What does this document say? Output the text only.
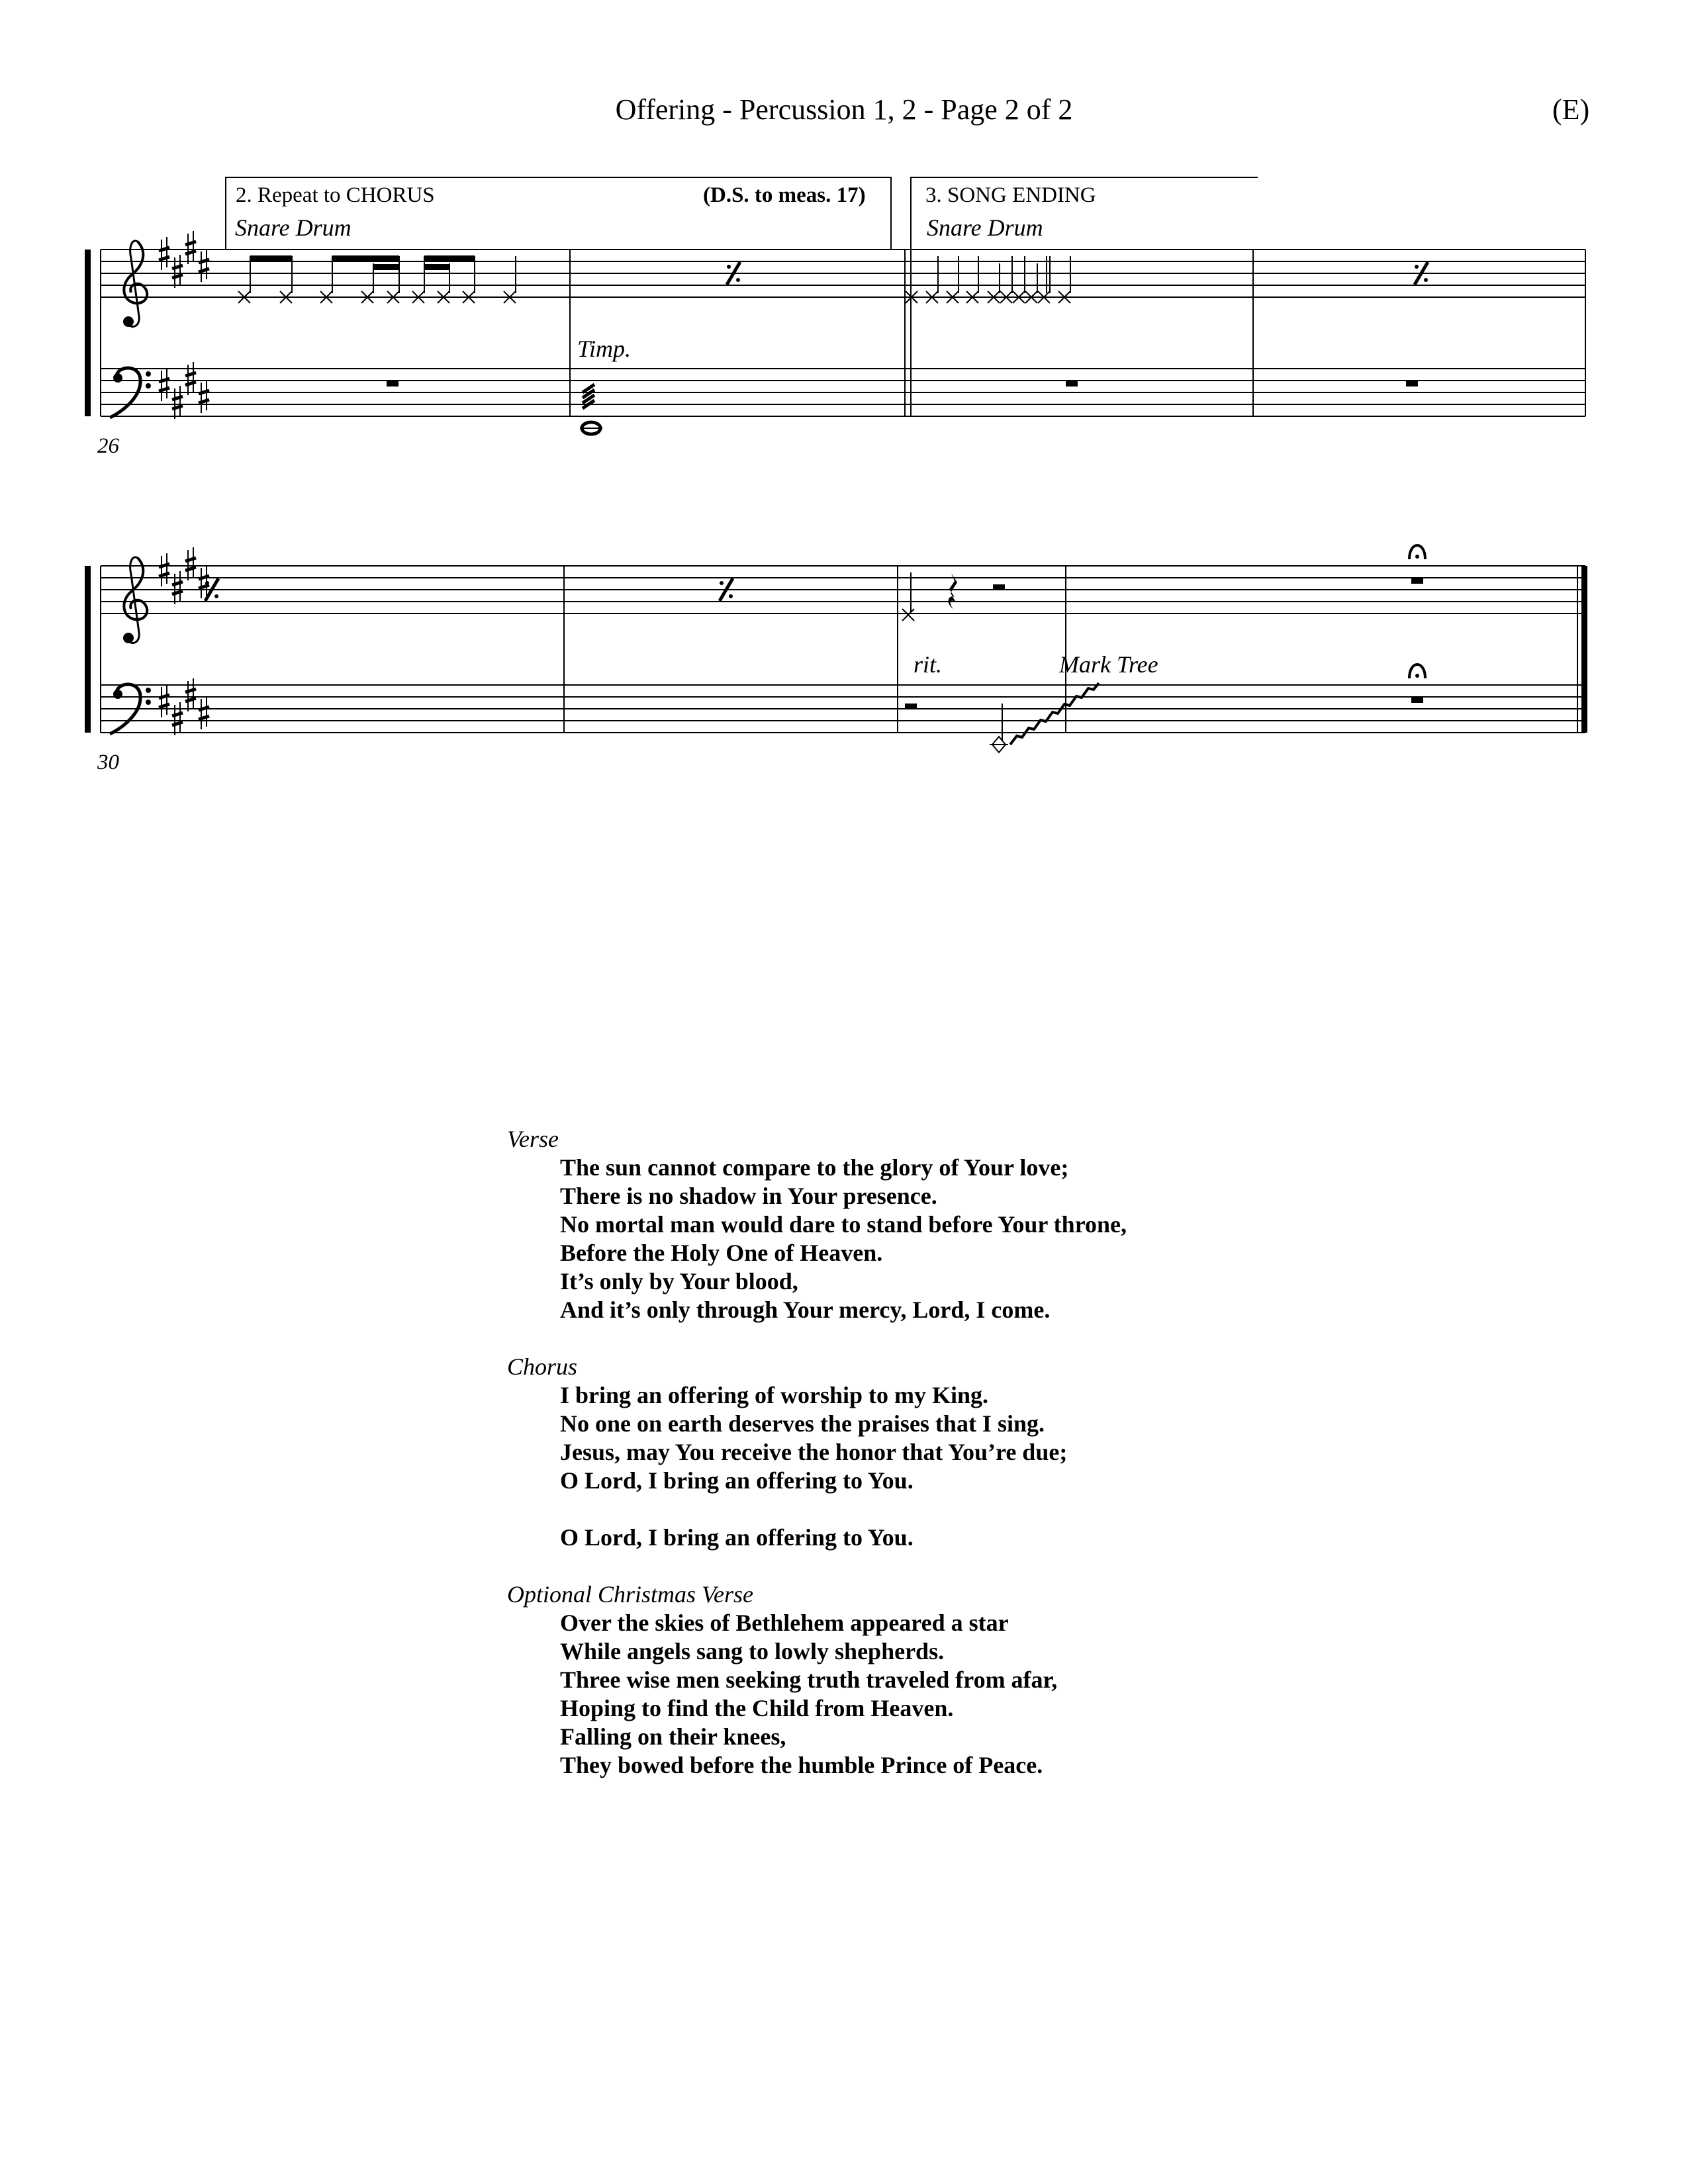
Offering - Percussion 1, 2 - Page 2 of 2	(E)
2. Repeat to CHORUS	(D.S. to meas. 17)
Snare Drum
3. SONG ENDING
Snare Drum
Timp.
26
rit.	Mark Tree
30
Verse
The sun cannot compare to the glory of Your love;
There is no shadow in Your presence.
No mortal man would dare to stand before Your throne,
Before the Holy One of Heaven.
It’s only by Your blood,
And it’s only through Your mercy, Lord, I come.
Chorus
I bring an offering of worship to my King.
No one on earth deserves the praises that I sing.
Jesus, may You receive the honor that You’re due;
O Lord, I bring an offering to You.
O Lord, I bring an offering to You.
Optional Christmas Verse
Over the skies of Bethlehem appeared a star
While angels sang to lowly shepherds.
Three wise men seeking truth traveled from afar,
Hoping to find the Child from Heaven.
Falling on their knees,
They bowed before the humble Prince of Peace.
